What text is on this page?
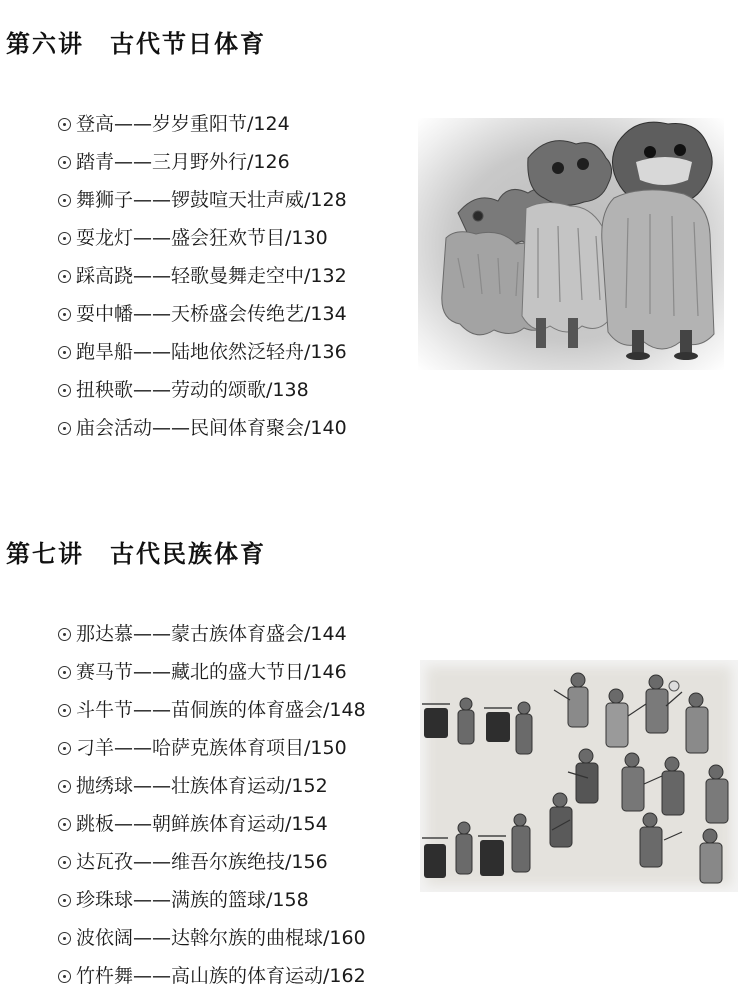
第六讲 古代节日体育
登高——岁岁重阳节/124
踏青——三月野外行/126
舞狮子——锣鼓喧天壮声威/128
耍龙灯——盛会狂欢节目/130
踩高跷——轻歌曼舞走空中/132
耍中幡——天桥盛会传绝艺/134
跑旱船——陆地依然泛轻舟/136
扭秧歌——劳动的颂歌/138
庙会活动——民间体育聚会/140
第七讲 古代民族体育
那达慕——蒙古族体育盛会/144
赛马节——藏北的盛大节日/146
斗牛节——苗侗族的体育盛会/148
刁羊——哈萨克族体育项目/150
抛绣球——壮族体育运动/152
跳板——朝鲜族体育运动/154
达瓦孜——维吾尔族绝技/156
珍珠球——满族的篮球/158
波依阔——达斡尔族的曲棍球/160
竹杵舞——高山族的体育运动/162
